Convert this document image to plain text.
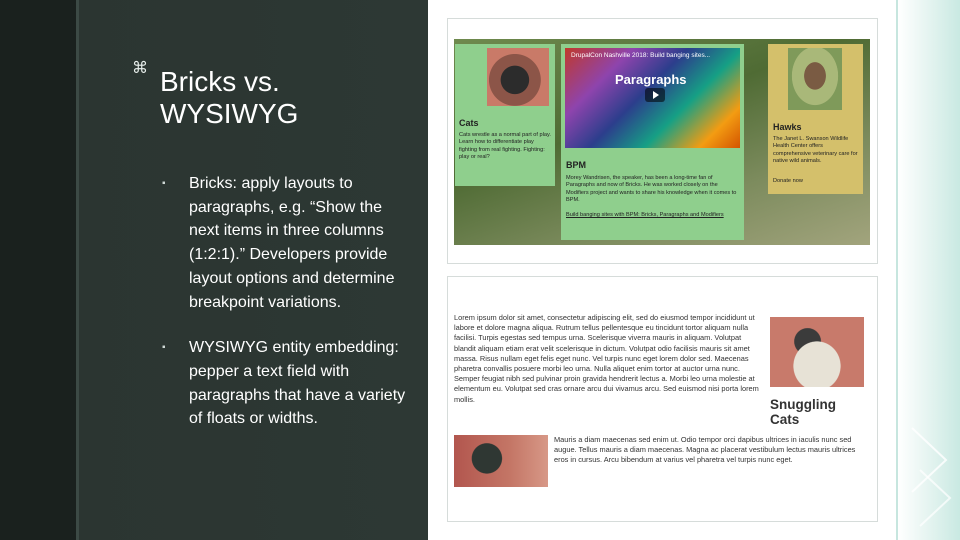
⌘ Bricks vs.
WYSIWYG
▪ Bricks: apply layouts to paragraphs, e.g. “Show the next items in three columns (1:2:1).” Developers provide layout options and determine breakpoint variations.
▪ WYSIWYG entity embedding: pepper a text field with paragraphs that have a variety of floats or widths.
Cats
Cats wrestle as a normal part of play. Learn how to differentiate play fighting from real fighting. Fighting: play or real?
DrupalCon Nashville 2018: Build banging sites...
Paragraphs
BPM
Morey Wandrisen, the speaker, has been a long-time fan of Paragraphs and now of Bricks. He was worked closely on the Modifiers project and wants to share his knowledge when it comes to BPM.
Build banging sites with BPM: Bricks, Paragraphs and Modifiers
Hawks
The Janet L. Swanson Wildlife Health Center offers comprehensive veterinary care for native wild animals.
Donate now
Lorem ipsum dolor sit amet, consectetur adipiscing elit, sed do eiusmod tempor incididunt ut labore et dolore magna aliqua. Rutrum tellus pellentesque eu tincidunt tortor aliquam nulla facilisi. Turpis egestas sed tempus urna. Scelerisque viverra mauris in aliquam. Volutpat blandit aliquam etiam erat velit scelerisque in dictum. Volutpat odio facilisis mauris sit amet massa. Risus nullam eget felis eget nunc. Vel turpis nunc eget lorem dolor sed. Maecenas pharetra convallis posuere morbi leo urna. Nulla aliquet enim tortor at auctor urna nunc. Semper feugiat nibh sed pulvinar proin gravida hendrerit lectus a. Morbi leo urna molestie at elementum eu. Volutpat sed cras ornare arcu dui vivamus arcu. Sed euismod nisi porta lorem mollis.	Snuggling Cats
Mauris a diam maecenas sed enim ut. Odio tempor orci dapibus ultrices in iaculis nunc sed augue. Tellus mauris a diam maecenas. Magna ac placerat vestibulum lectus mauris ultrices eros in cursus. Arcu bibendum at varius vel pharetra vel turpis nunc eget.
